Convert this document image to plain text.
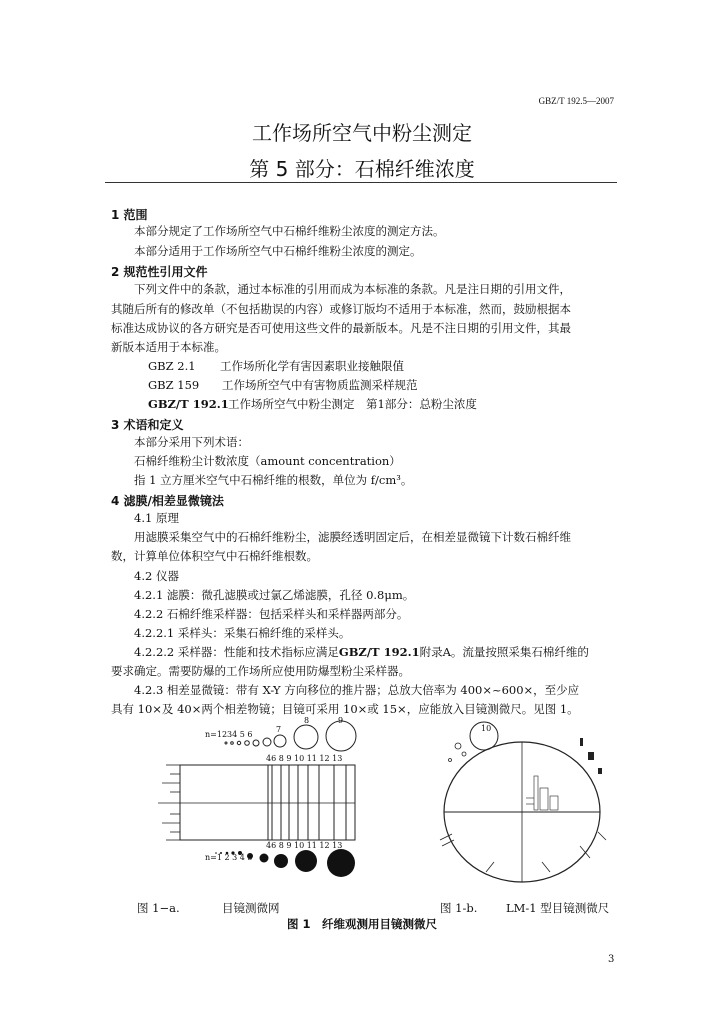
GBZ/T 192.5—2007
工作场所空气中粉尘测定
第 5 部分：石棉纤维浓度
1 范围
本部分规定了工作场所空气中石棉纤维粉尘浓度的测定方法。
本部分适用于工作场所空气中石棉纤维粉尘浓度的测定。
2 规范性引用文件
下列文件中的条款，通过本标准的引用而成为本标准的条款。凡是注日期的引用文件，
其随后所有的修改单（不包括勘误的内容）或修订版均不适用于本标准，然而，鼓励根据本
标准达成协议的各方研究是否可使用这些文件的最新版本。凡是不注日期的引用文件，其最
新版本适用于本标准。
GBZ 2.1 工作场所化学有害因素职业接触限值
GBZ 159 工作场所空气中有害物质监测采样规范
GBZ/T 192.1 工作场所空气中粉尘测定　第1部分：总粉尘浓度
3 术语和定义
本部分采用下列术语：
石棉纤维粉尘计数浓度（amount concentration）
指 1 立方厘米空气中石棉纤维的根数，单位为 f/cm³。
4 滤膜/相差显微镜法
4.1 原理
用滤膜采集空气中的石棉纤维粉尘，滤膜经透明固定后，在相差显微镜下计数石棉纤维
数，计算单位体积空气中石棉纤维根数。
4.2 仪器
4.2.1 滤膜：微孔滤膜或过氯乙烯滤膜，孔径 0.8μm。
4.2.2 石棉纤维采样器：包括采样头和采样器两部分。
4.2.2.1 采样头：采集石棉纤维的采样头。
4.2.2.2 采样器：性能和技术指标应满足GBZ/T 192.1附录A。流量按照采集石棉纤维的
要求确定。需要防爆的工作场所应使用防爆型粉尘采样器。
4.2.3 相差显微镜：带有 X-Y 方向移位的推片器；总放大倍率为 400×~600×，至少应
具有 10×及 40×两个相差物镜；目镜可采用 10×或 15×，应能放入目镜测微尺。见图 1。
n=1234 5 6
7
8	9
46 8 9 10 11 12 13
46 8 9 10 11 12 13
n=1 2 3 4 5
10
图 1−a.	目镜测微网	图 1-b. LM-1 型目镜测微尺
图 1　纤维观测用目镜测微尺
3
